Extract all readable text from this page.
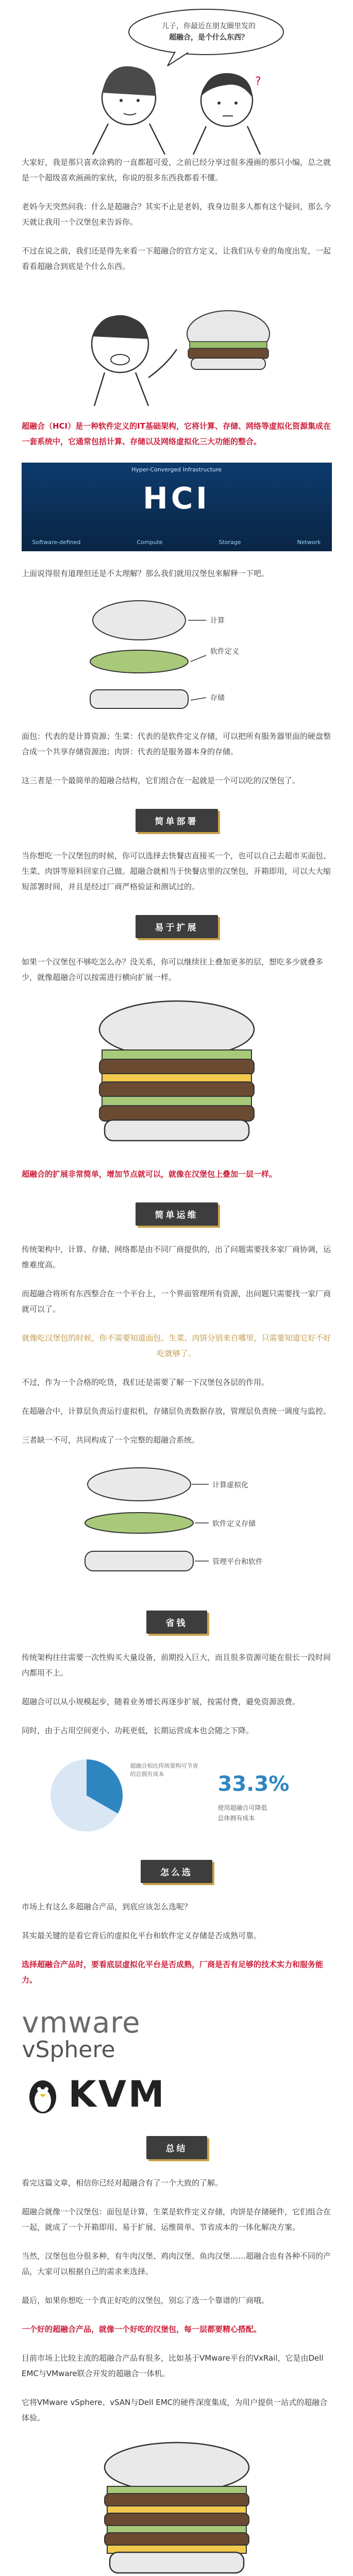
?
儿子，你最近在朋友圈里发的
超融合，是个什么东西？

大家好，我是那只喜欢涂鸦的一直都超可爱，之前已经分享过很多漫画的那只小编，总之就是一个超级喜欢画画的家伙，你说的很多东西我都看不懂。

老妈今天突然问我：什么是超融合？其实不止是老妈，我身边很多人都有这个疑问，那么今天就让我用一个汉堡包来告诉你。

不过在说之前，我们还是得先来看一下超融合的官方定义，让我们从专业的角度出发，一起看看超融合到底是个什么东西。

超融合（HCI）是一种软件定义的IT基础架构，它将计算、存储、网络等虚拟化资源集成在一套系统中，它通常包括计算、存储以及网络虚拟化三大功能的整合。

Hyper-Converged Infrastructure
HCI
Software-defined	Compute	Storage	Network

上面说得很有道理但还是不太理解？那么我们就用汉堡包来解释一下吧。

计算
软件定义
存储

面包：代表的是计算资源；生菜：代表的是软件定义存储，可以把所有服务器里面的硬盘整合成一个共享存储资源池；肉饼：代表的是服务器本身的存储。

这三者是一个最简单的超融合结构，它们组合在一起就是一个可以吃的汉堡包了。

简单部署

当你想吃一个汉堡包的时候，你可以选择去快餐店直接买一个，也可以自己去超市买面包、生菜、肉饼等原料回家自己做。超融合就相当于快餐店里的汉堡包，开箱即用，可以大大缩短部署时间，并且是经过厂商严格验证和测试过的。

易于扩展

如果一个汉堡包不够吃怎么办？没关系，你可以继续往上叠加更多的层，想吃多少就叠多少，就像超融合可以按需进行横向扩展一样。

超融合的扩展非常简单，增加节点就可以，就像在汉堡包上叠加一层一样。

简单运维

传统架构中，计算、存储、网络都是由不同厂商提供的，出了问题需要找多家厂商协调，运维难度高。

而超融合将所有东西整合在一个平台上，一个界面管理所有资源，出问题只需要找一家厂商就可以了。

就像吃汉堡包的时候，你不需要知道面包、生菜、肉饼分别来自哪里，只需要知道它好不好吃就够了。

不过，作为一个合格的吃货，我们还是需要了解一下汉堡包各层的作用。

在超融合中，计算层负责运行虚拟机，存储层负责数据存放，管理层负责统一调度与监控。

三者缺一不可，共同构成了一个完整的超融合系统。

计算虚拟化
软件定义存储
管理平台和软件
省钱

传统架构往往需要一次性购买大量设备，前期投入巨大，而且很多资源可能在很长一段时间内都用不上。

超融合可以从小规模起步，随着业务增长再逐步扩展，按需付费，避免资源浪费。

同时，由于占用空间更小、功耗更低，长期运营成本也会随之下降。

超融合相比传统架构可节省的总拥有成本	33.3%
使用超融合可降低
总体拥有成本
怎么选

市场上有这么多超融合产品，到底应该怎么选呢？

其实最关键的是看它背后的虚拟化平台和软件定义存储是否成熟可靠。

选择超融合产品时，要看底层虚拟化平台是否成熟，厂商是否有足够的技术实力和服务能力。

vmware
vSphere
KVM
总结

看完这篇文章，相信你已经对超融合有了一个大致的了解。

超融合就像一个汉堡包：面包是计算，生菜是软件定义存储，肉饼是存储硬件，它们组合在一起，就成了一个开箱即用、易于扩展、运维简单、节省成本的一体化解决方案。

当然，汉堡包也分很多种，有牛肉汉堡、鸡肉汉堡、鱼肉汉堡……超融合也有各种不同的产品，大家可以根据自己的需求来选择。

最后，如果你想吃一个真正好吃的汉堡包，别忘了选一个靠谱的厂商哦。

一个好的超融合产品，就像一个好吃的汉堡包，每一层都要精心搭配。

目前市场上比较主流的超融合产品有很多，比如基于VMware平台的VxRail，它是由Dell EMC与VMware联合开发的超融合一体机。

它将VMware vSphere、vSAN与Dell EMC的硬件深度集成，为用户提供一站式的超融合体验。
